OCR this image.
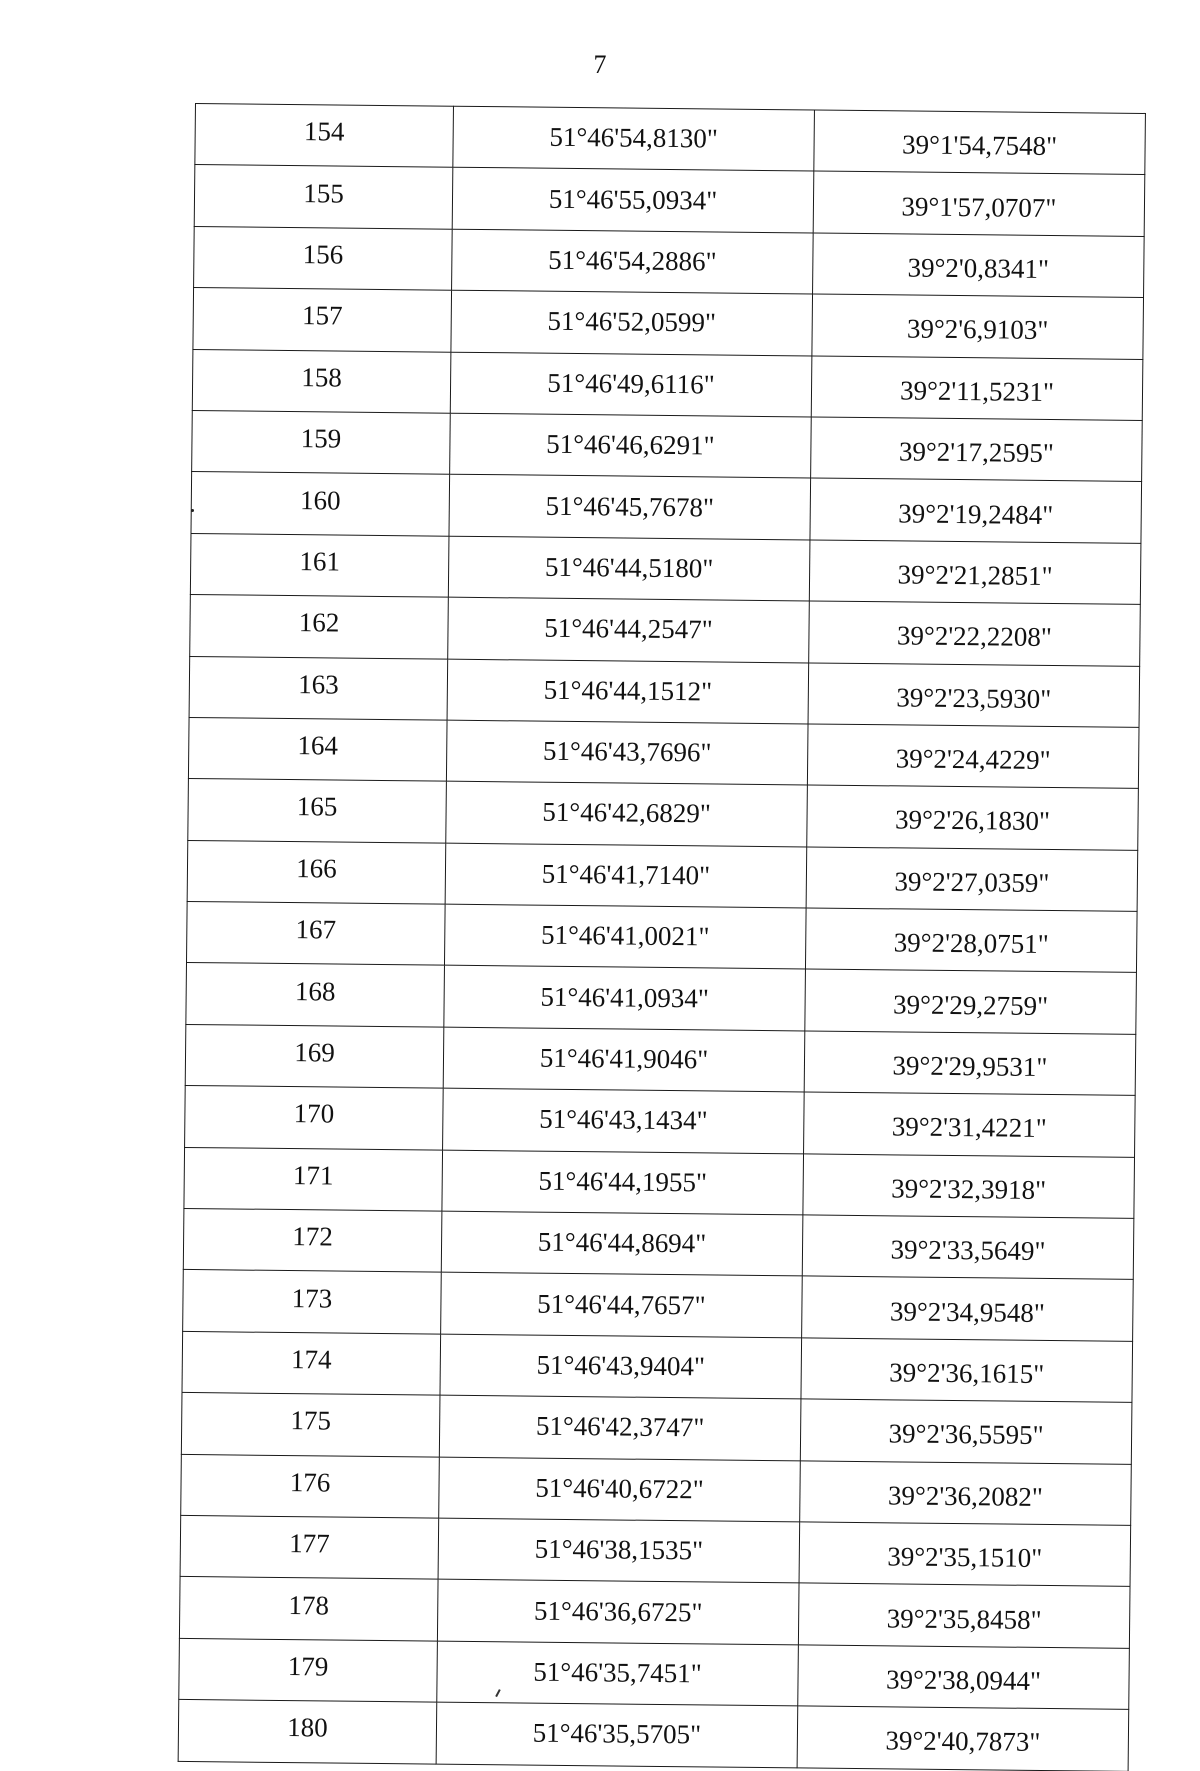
7
154	51°46'54,8130"	39°1'54,7548"
155	51°46'55,0934"	39°1'57,0707"
156	51°46'54,2886"	39°2'0,8341"
157	51°46'52,0599"	39°2'6,9103"
158	51°46'49,6116"	39°2'11,5231"
159	51°46'46,6291"	39°2'17,2595"
160	51°46'45,7678"	39°2'19,2484"
161	51°46'44,5180"	39°2'21,2851"
162	51°46'44,2547"	39°2'22,2208"
163	51°46'44,1512"	39°2'23,5930"
164	51°46'43,7696"	39°2'24,4229"
165	51°46'42,6829"	39°2'26,1830"
166	51°46'41,7140"	39°2'27,0359"
167	51°46'41,0021"	39°2'28,0751"
168	51°46'41,0934"	39°2'29,2759"
169	51°46'41,9046"	39°2'29,9531"
170	51°46'43,1434"	39°2'31,4221"
171	51°46'44,1955"	39°2'32,3918"
172	51°46'44,8694"	39°2'33,5649"
173	51°46'44,7657"	39°2'34,9548"
174	51°46'43,9404"	39°2'36,1615"
175	51°46'42,3747"	39°2'36,5595"
176	51°46'40,6722"	39°2'36,2082"
177	51°46'38,1535"	39°2'35,1510"
178	51°46'36,6725"	39°2'35,8458"
179	51°46'35,7451"	39°2'38,0944"
180	51°46'35,5705"	39°2'40,7873"
